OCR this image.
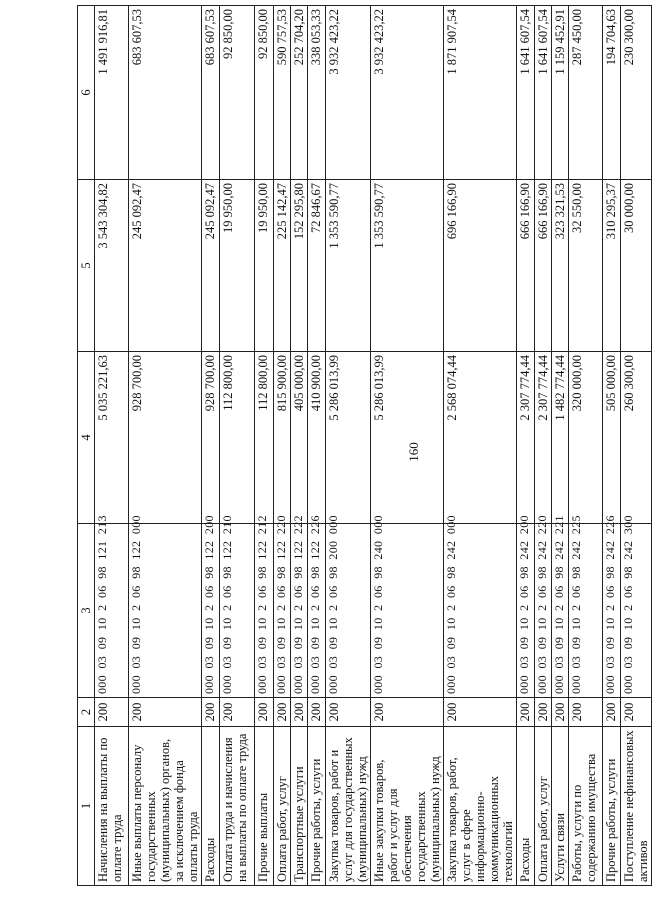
160
1	2	3	4	5	6
Начисления на выплаты по оплате труда	200	000  03  09  10  2  06  98  121  213	5 035 221,63	3 543 304,82	1 491 916,81
Иные выплаты персоналу государственных (муниципальных) органов, за исключением фонда оплаты труда	200	000  03  09  10  2  06  98  122  000	928 700,00	245 092,47	683 607,53
Расходы	200	000  03  09  10  2  06  98  122  200	928 700,00	245 092,47	683 607,53
Оплата труда и начисления на выплаты по оплате труда	200	000  03  09  10  2  06  98  122  210	112 800,00	19 950,00	92 850,00
Прочие выплаты	200	000  03  09  10  2  06  98  122  212	112 800,00	19 950,00	92 850,00
Оплата работ, услуг	200	000  03  09  10  2  06  98  122  220	815 900,00	225 142,47	590 757,53
Транспортные услуги	200	000  03  09  10  2  06  98  122  222	405 000,00	152 295,80	252 704,20
Прочие работы, услуги	200	000  03  09  10  2  06  98  122  226	410 900,00	72 846,67	338 053,33
Закупка товаров, работ и услуг для государственных (муниципальных) нужд	200	000  03  09  10  2  06  98  200  000	5 286 013,99	1 353 590,77	3 932 423,22
Иные закупки товаров, работ и услуг для обеспечения государственных (муниципальных) нужд	200	000  03  09  10  2  06  98  240  000	5 286 013,99	1 353 590,77	3 932 423,22
Закупка товаров, работ, услуг в сфере информационно-коммуникационных технологий	200	000  03  09  10  2  06  98  242  000	2 568 074,44	696 166,90	1 871 907,54
Расходы	200	000  03  09  10  2  06  98  242  200	2 307 774,44	666 166,90	1 641 607,54
Оплата работ, услуг	200	000  03  09  10  2  06  98  242  220	2 307 774,44	666 166,90	1 641 607,54
Услуги связи	200	000  03  09  10  2  06  98  242  221	1 482 774,44	323 321,53	1 159 452,91
Работы, услуги по содержанию имущества	200	000  03  09  10  2  06  98  242  225	320 000,00	32 550,00	287 450,00
Прочие работы, услуги	200	000  03  09  10  2  06  98  242  226	505 000,00	310 295,37	194 704,63
Поступление нефинансовых активов	200	000  03  09  10  2  06  98  242  300	260 300,00	30 000,00	230 300,00
